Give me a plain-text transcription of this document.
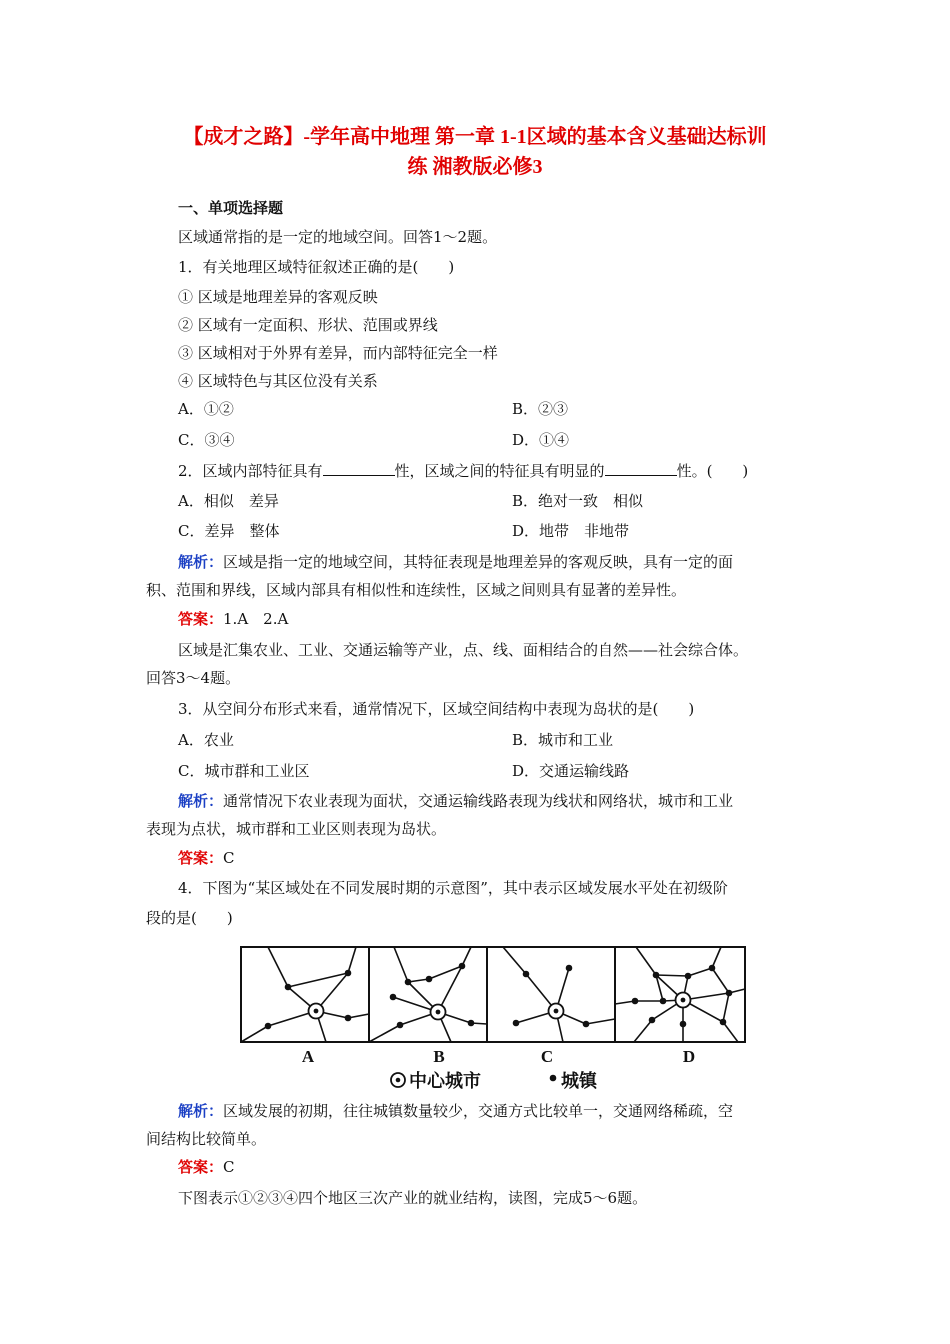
【成才之路】-学年高中地理 第一章 1-1区域的基本含义基础达标训
练 湘教版必修3
一、单项选择题
区域通常指的是一定的地域空间。回答1～2题。
1．有关地理区域特征叙述正确的是(　　)
① 区域是地理差异的客观反映
② 区域有一定面积、形状、范围或界线
③ 区域相对于外界有差异，而内部特征完全一样
④ 区域特色与其区位没有关系
A．①②	B．②③
C．③④	D．①④
2．区域内部特征具有	性，区域之间的特征具有明显的	性。(　　)
A．相似　差异	B．绝对一致　相似
C．差异　整体	D．地带　非地带
解析：区域是指一定的地域空间，其特征表现是地理差异的客观反映，具有一定的面
积、范围和界线，区域内部具有相似性和连续性，区域之间则具有显著的差异性。
答案：1.A　2.A
区域是汇集农业、工业、交通运输等产业，点、线、面相结合的自然——社会综合体。
回答3～4题。
3．从空间分布形式来看，通常情况下，区域空间结构中表现为岛状的是(　　)
A．农业	B．城市和工业
C．城市群和工业区	D．交通运输线路
解析：通常情况下农业表现为面状，交通运输线路表现为线状和网络状，城市和工业
表现为点状，城市群和工业区则表现为岛状。
答案：C
4．下图为“某区域处在不同发展时期的示意图”，其中表示区域发展水平处在初级阶
段的是(　　)
A	B	C	D
中心城市	城镇
解析：区域发展的初期，往往城镇数量较少，交通方式比较单一，交通网络稀疏，空
间结构比较简单。
答案：C
下图表示①②③④四个地区三次产业的就业结构，读图，完成5～6题。
